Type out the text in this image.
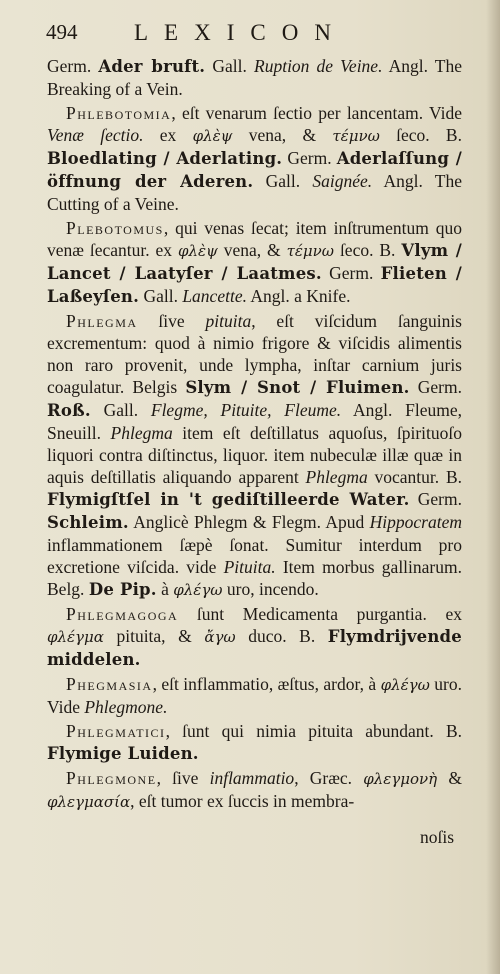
494 LEXICON

Germ. Ader bruft. Gall. Ruption de Veine. Angl. The Breaking of a Vein.

Phlebotomia, eſt venarum ſectio per lancentam. Vide Venæ ſectio. ex φλὲψ vena, & τέμνω ſeco. B. Bloedlating / Aderlating. Germ. Aderlaſſung / öffnung der Aderen. Gall. Saignée. Angl. The Cutting of a Veine.

Plebotomus, qui venas ſecat; item inſtrumentum quo venæ ſecantur. ex φλὲψ vena, & τέμνω ſeco. B. Vlym / Lancet / Laatyſer / Laatmes. Germ. Flieten / Laßeyſen. Gall. Lancette. Angl. a Knife.

Phlegma ſive pituita, eſt viſcidum ſanguinis excrementum: quod à nimio frigore & viſcidis alimentis non raro provenit, unde lympha, inſtar carnium juris coagulatur. Belgis Slym / Snot / Fluimen. Germ. Roß. Gall. Flegme, Pituite, Fleume. Angl. Fleume, Sneuill. Phlegma item eſt deſtillatus aquoſus, ſpirituoſo liquori contra diſtinctus, liquor. item nubeculæ illæ quæ in aquis deſtillatis aliquando apparent Phlegma vocantur. B. Flymigſtſel in 't gediſtilleerde Water. Germ. Schleim. Anglicè Phlegm & Flegm. Apud Hippocratem inflammationem ſæpè ſonat. Sumitur interdum pro excretione viſcida. vide Pituita. Item morbus gallinarum. Belg. De Pip. à φλέγω uro, incendo.

Phlegmagoga ſunt Medicamenta purgantia. ex φλέγμα pituita, & ἄγω duco. B. Flymdrijvende middelen.

Phegmasia, eſt inflammatio, æſtus, ardor, à φλέγω uro. Vide Phlegmone.

Phlegmatici, ſunt qui nimia pituita abundant. B. Flymige Luiden.

Phlegmone, ſive inflammatio, Græc. φλεγμονὴ & φλεγμασία, eſt tumor ex ſuccis in membra‑

noſis
